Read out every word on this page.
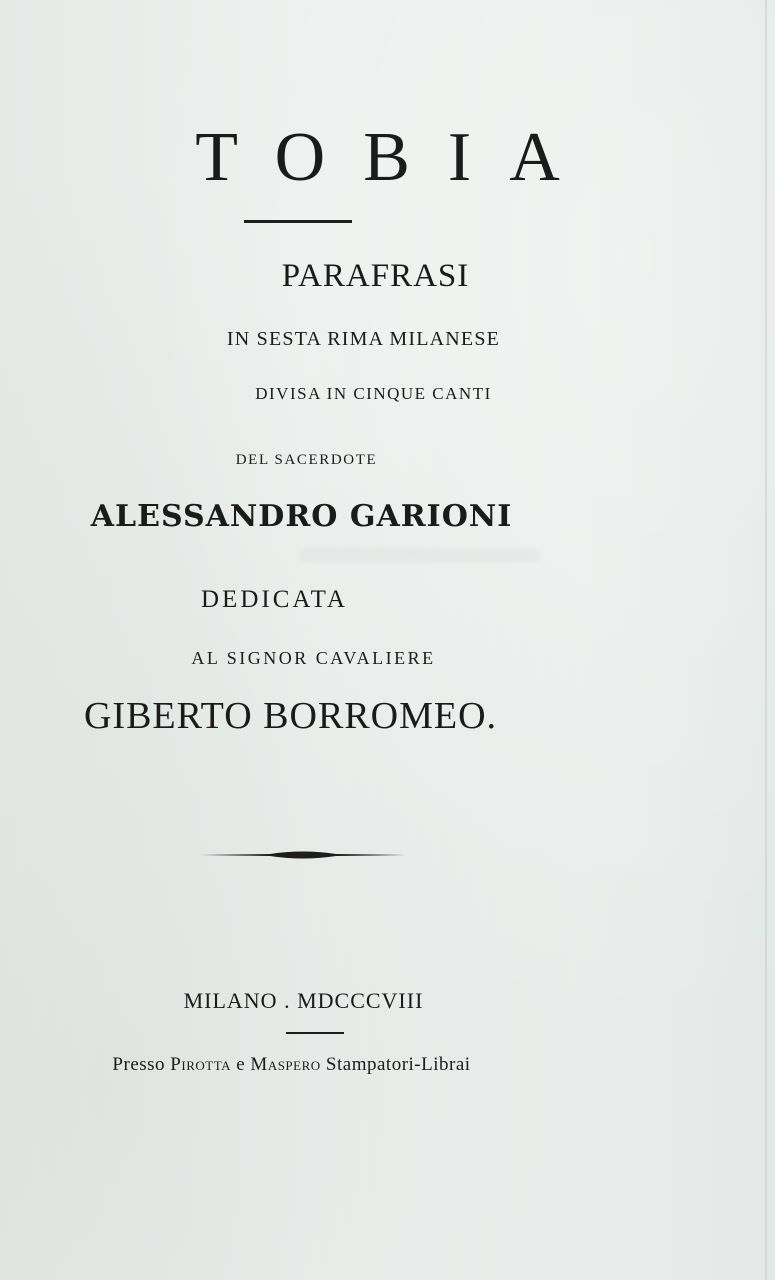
TOBIA
PARAFRASI
IN SESTA RIMA MILANESE
DIVISA IN CINQUE CANTI
DEL SACERDOTE
ALESSANDRO GARIONI
DEDICATA
AL SIGNOR CAVALIERE
GIBERTO BORROMEO.
MILANO . MDCCCVIII
Presso Pirotta e Maspero Stampatori-Librai
